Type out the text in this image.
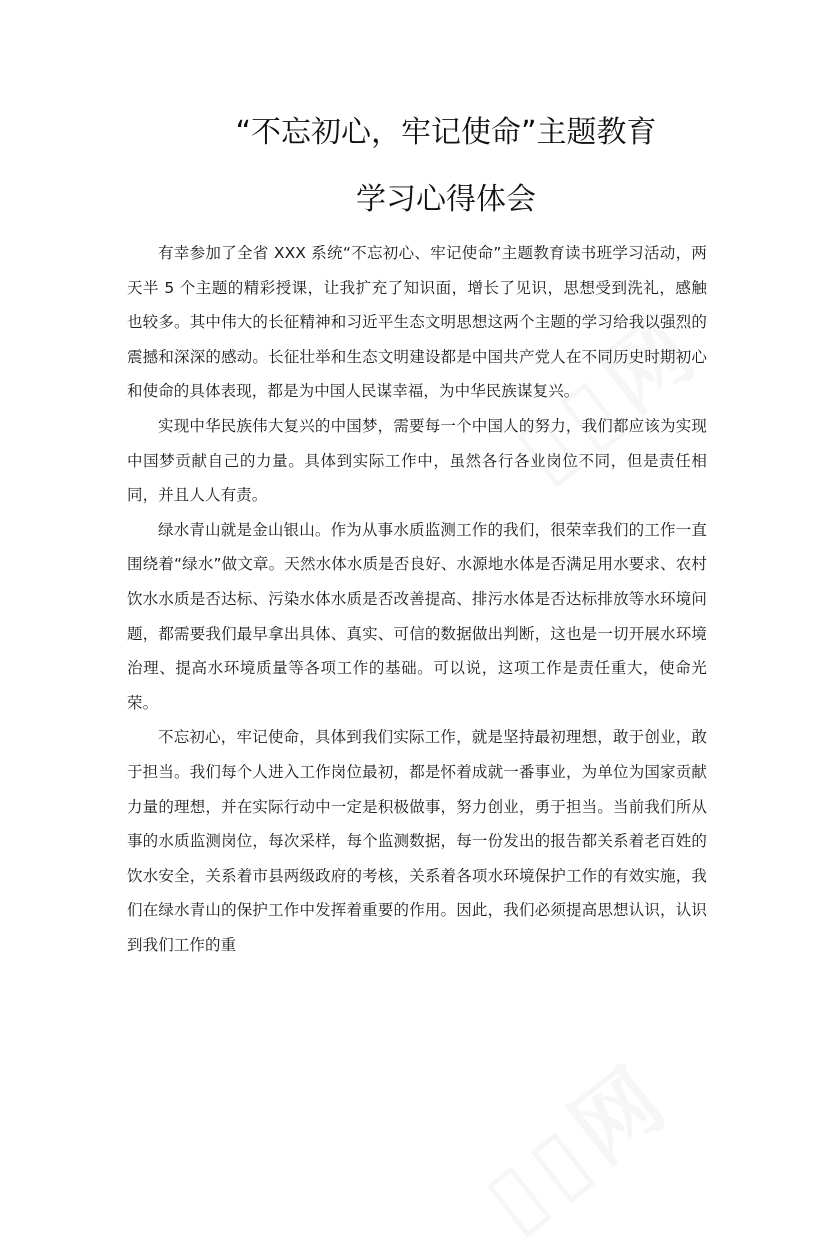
“不忘初心，牢记使命”主题教育
学习心得体会

有幸参加了全省 XXX 系统“不忘初心、牢记使命”主题教育读书班学习活动，两天半 5 个主题的精彩授课，让我扩充了知识面，增长了见识，思想受到洗礼，感触也较多。其中伟大的长征精神和习近平生态文明思想这两个主题的学习给我以强烈的震撼和深深的感动。长征壮举和生态文明建设都是中国共产党人在不同历史时期初心和使命的具体表现，都是为中国人民谋幸福，为中华民族谋复兴。

实现中华民族伟大复兴的中国梦，需要每一个中国人的努力，我们都应该为实现中国梦贡献自己的力量。具体到实际工作中，虽然各行各业岗位不同，但是责任相同，并且人人有责。

绿水青山就是金山银山。作为从事水质监测工作的我们，很荣幸我们的工作一直围绕着“绿水”做文章。天然水体水质是否良好、水源地水体是否满足用水要求、农村饮水水质是否达标、污染水体水质是否改善提高、排污水体是否达标排放等水环境问题，都需要我们最早拿出具体、真实、可信的数据做出判断，这也是一切开展水环境治理、提高水环境质量等各项工作的基础。可以说，这项工作是责任重大，使命光荣。

不忘初心，牢记使命，具体到我们实际工作，就是坚持最初理想，敢于创业，敢于担当。我们每个人进入工作岗位最初，都是怀着成就一番事业，为单位为国家贡献力量的理想，并在实际行动中一定是积极做事，努力创业，勇于担当。当前我们所从事的水质监测岗位，每次采样，每个监测数据，每一份发出的报告都关系着老百姓的饮水安全，关系着市县两级政府的考核，关系着各项水环境保护工作的有效实施，我们在绿水青山的保护工作中发挥着重要的作用。因此，我们必须提高思想认识，认识到我们工作的重
